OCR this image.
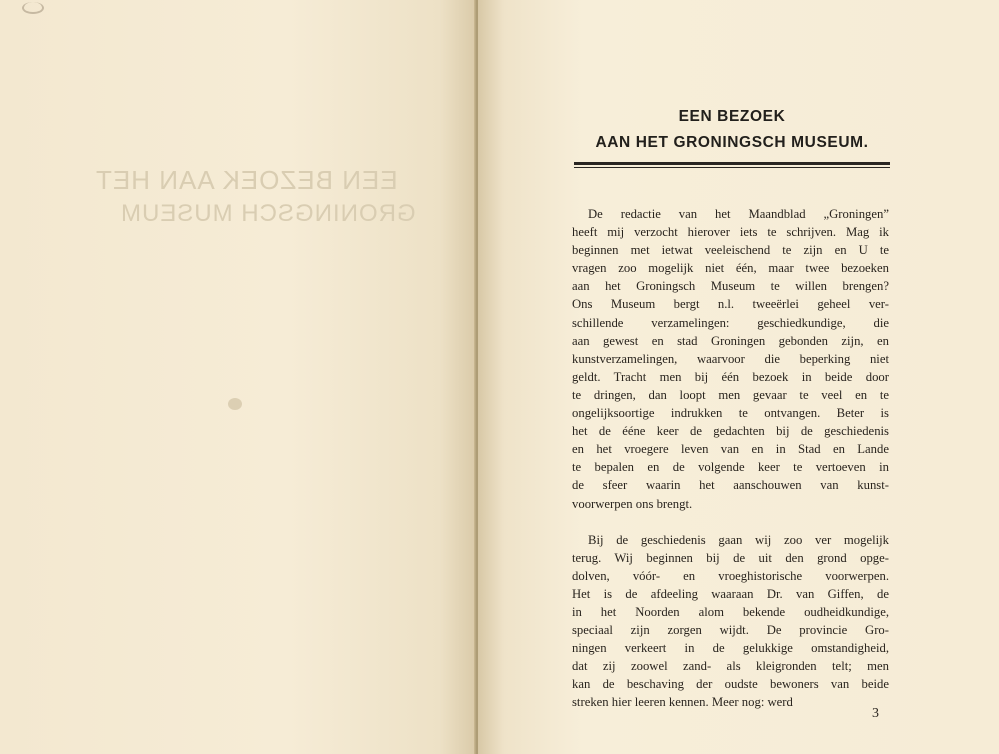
EEN BEZOEK AAN HET
GRONINGSCH MUSEUM
EEN BEZOEK
AAN HET GRONINGSCH MUSEUM.
De redactie van het Maandblad „Groningen”
heeft mij verzocht hierover iets te schrijven. Mag ik
beginnen met ietwat veeleischend te zijn en U te
vragen zoo mogelijk niet één, maar twee bezoeken
aan het Groningsch Museum te willen brengen?
Ons Museum bergt n.l. tweeërlei geheel ver-
schillende verzamelingen: geschiedkundige, die
aan gewest en stad Groningen gebonden zijn, en
kunstverzamelingen, waarvoor die beperking niet
geldt. Tracht men bij één bezoek in beide door
te dringen, dan loopt men gevaar te veel en te
ongelijksoortige indrukken te ontvangen. Beter is
het de ééne keer de gedachten bij de geschiedenis
en het vroegere leven van en in Stad en Lande
te bepalen en de volgende keer te vertoeven in
de sfeer waarin het aanschouwen van kunst-
voorwerpen ons brengt.
Bij de geschiedenis gaan wij zoo ver mogelijk
terug. Wij beginnen bij de uit den grond opge-
dolven, vóór- en vroeghistorische voorwerpen.
Het is de afdeeling waaraan Dr. van Giffen, de
in het Noorden alom bekende oudheidkundige,
speciaal zijn zorgen wijdt. De provincie Gro-
ningen verkeert in de gelukkige omstandigheid,
dat zij zoowel zand- als kleigronden telt; men
kan de beschaving der oudste bewoners van beide
streken hier leeren kennen. Meer nog: werd
3
